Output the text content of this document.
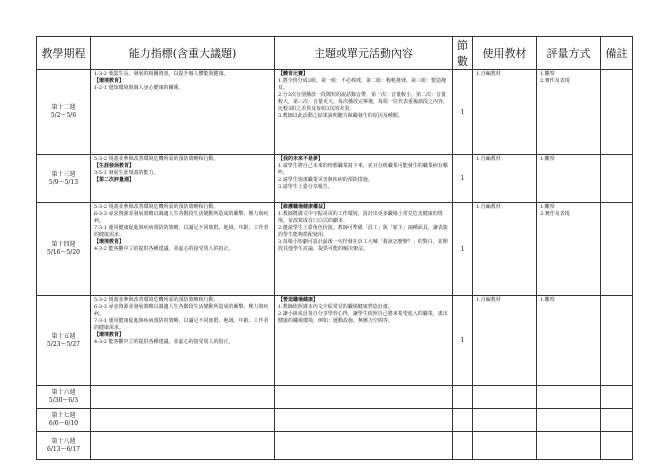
教學期程	能力指標(含重大議題)	主題或單元活動內容	節數	使用教材	評量方式	備註

第十二週
5/2～5/6	1-3-2 蒐集生長、發展的相關資訊，以提升個人體能與健康。
【環境教育】
1-2-1 覺知環境與個人身心健康的關係。	【體育比賽】
1.將全班分成3組，第一組：不必棒球，第二組：輕輕推球，第三組：製造掩耳。
2.分3次分別播放一段簡短的說話錄音帶，第一次：音量較小，第二次：音量較大，第三次：音量更大，每次播放完畢後，每組一位代表重複該段之內容，比較3組之差異及每組3次的差異。
3.教師以此活動之結果說明聽力障礙發生的原因及種類。	1	1.自編教材	1.觀察
2.實作及表現	

第十三週
5/9～5/13	5-3-2 規畫並參與改善環境危機所需的預防策略和行動。
【生涯發展教育】
3-5-1 發展生涯規畫的能力。
【第二次評量週】	【我的未來不是夢】
1.請學生將自己未來的理想職業寫下來，並且分析職業可能發生的職業病有哪些。
2.請學生規畫職業災害與疾病的預防措施。
3.請學生上臺分享報告。	1	1.自編教材	1.觀察	

第十四週
5/16～5/20	5-3-2 規畫並參與改善環境危機所需的預防策略和行動。
6-3-3 尋求資源並發展策略以調適人生各階段生活變動所造成的衝擊、壓力與疾病。
7-3-1 運用健康促進與疾病預防的策略，以滿足不同族群、地域、年齡、工作者的健康需求。
【環境教育】
4-3-2 能客觀中立的提供各種建議，並虛心的接受別人的指正。	【維護職場健康權益】
1.教師將課文中宇振哥哥的工作環境，設計出更多職場上常見危害健康的情境，並改寫成有口白式的劇本。
2.邀請學生上臺角色扮演，教師可準備「員工」與「雇主」兩種面具，讓表演的學生能夠搭配使用。
3.每場小短劇可設計最後一句抒發在員工大喊「我該怎麼辦？」的對白，並開放其他學生討論，提供可能的解決辦法。	1	1.自編教材	1.觀察
2.實作及表現	

第十五週
5/23～5/27	5-3-2 規畫並參與改善環境危機所需的預防策略和行動。
6-3-3 尋求資源並發展策略以調適人生各階段生活變動所造成的衝擊、壓力與疾病。
7-3-1 運用健康促進與疾病預防的策略，以滿足不同族群、地域、年齡、工作者的健康需求。
【環境教育】
4-3-2 能客觀中立的提供各種建議，並虛心的接受別人的指正。	【營造職場健康】
1.教師依照課本內文介紹常見的職場健康營造計畫。
2.讓小組成員各自分享學習心得，讓學生依照自己將來希望進入的職業，畫出健康的職場環境，例如：運動設施、無壓力空間等。	1	1.自編教材	1.觀察	

第十六週
5/30～6/3						

第十七週
6/6～6/10						

第十八週
6/13～6/17						
